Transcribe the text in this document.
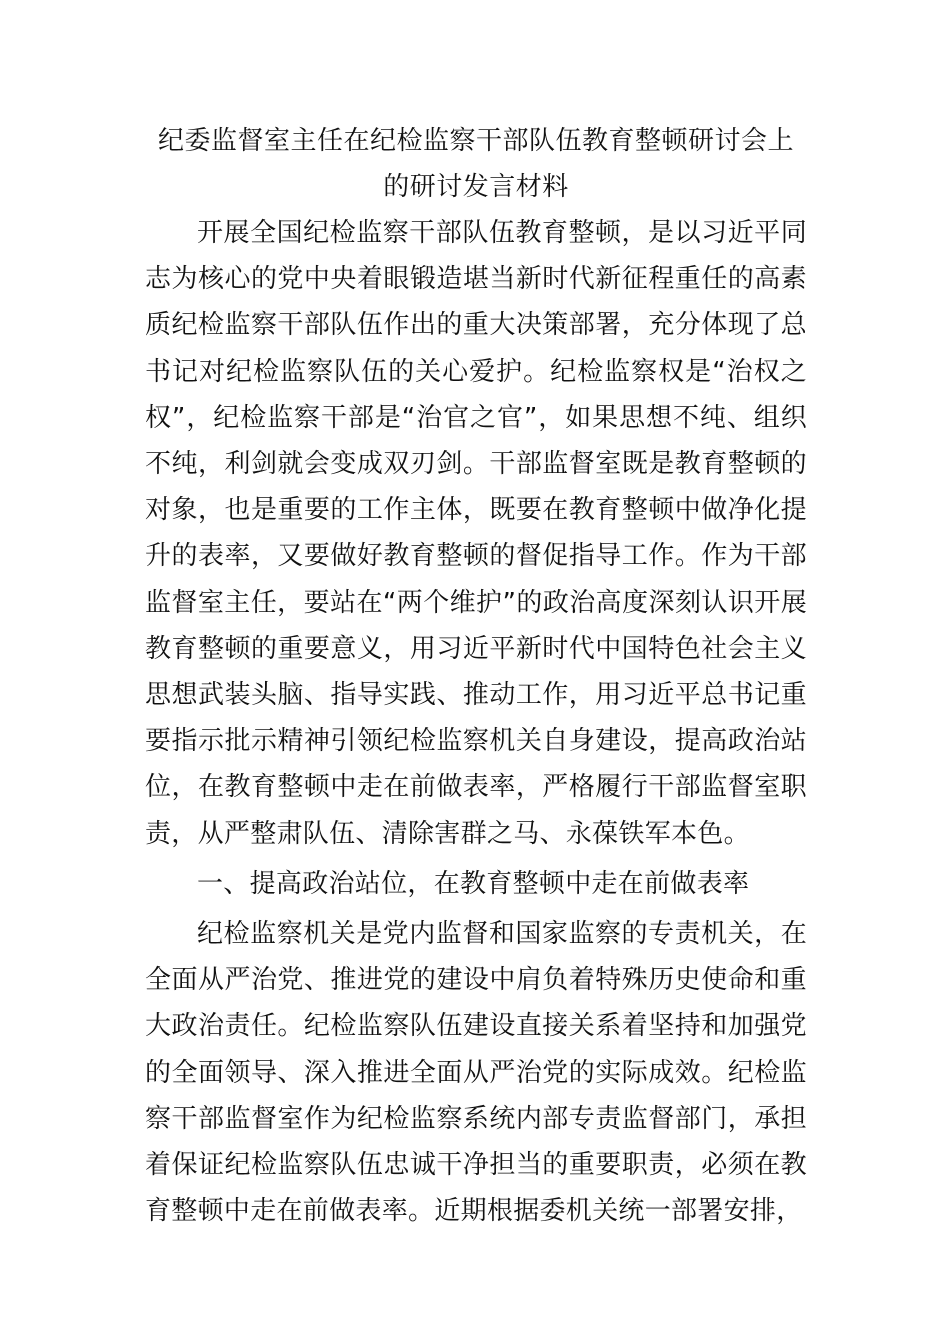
纪委监督室主任在纪检监察干部队伍教育整顿研讨会上的研讨发言材料

开展全国纪检监察干部队伍教育整顿，是以习近平同志为核心的党中央着眼锻造堪当新时代新征程重任的高素质纪检监察干部队伍作出的重大决策部署，充分体现了总书记对纪检监察队伍的关心爱护。纪检监察权是“治权之权”，纪检监察干部是“治官之官”，如果思想不纯、组织不纯，利剑就会变成双刃剑。干部监督室既是教育整顿的对象，也是重要的工作主体，既要在教育整顿中做净化提升的表率，又要做好教育整顿的督促指导工作。作为干部监督室主任，要站在“两个维护”的政治高度深刻认识开展教育整顿的重要意义，用习近平新时代中国特色社会主义思想武装头脑、指导实践、推动工作，用习近平总书记重要指示批示精神引领纪检监察机关自身建设，提高政治站位，在教育整顿中走在前做表率，严格履行干部监督室职责，从严整肃队伍、清除害群之马、永葆铁军本色。

一、提高政治站位，在教育整顿中走在前做表率

纪检监察机关是党内监督和国家监察的专责机关，在全面从严治党、推进党的建设中肩负着特殊历史使命和重大政治责任。纪检监察队伍建设直接关系着坚持和加强党的全面领导、深入推进全面从严治党的实际成效。纪检监察干部监督室作为纪检监察系统内部专责监督部门，承担着保证纪检监察队伍忠诚干净担当的重要职责，必须在教育整顿中走在前做表率。近期根据委机关统一部署安排，
